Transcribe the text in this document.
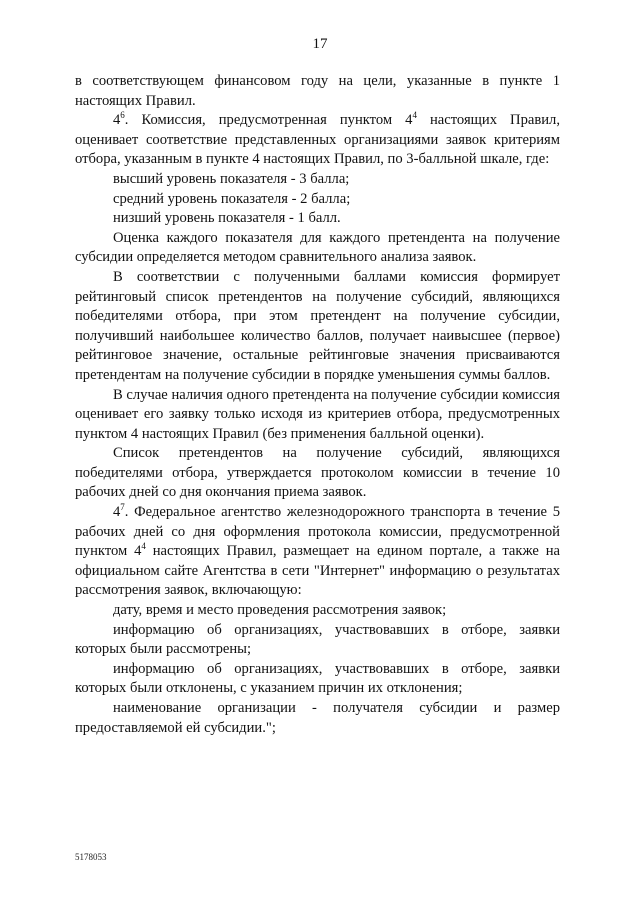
17

в соответствующем финансовом году на цели, указанные в пункте 1 настоящих Правил.

$4^6$. Комиссия, предусмотренная пунктом $4^4$ настоящих Правил, оценивает соответствие представленных организациями заявок критериям отбора, указанным в пункте 4 настоящих Правил, по 3-балльной шкале, где:

высший уровень показателя - 3 балла;

средний уровень показателя - 2 балла;

низший уровень показателя - 1 балл.

Оценка каждого показателя для каждого претендента на получение субсидии определяется методом сравнительного анализа заявок.

В соответствии с полученными баллами комиссия формирует рейтинговый список претендентов на получение субсидий, являющихся победителями отбора, при этом претендент на получение субсидии, получивший наибольшее количество баллов, получает наивысшее (первое) рейтинговое значение, остальные рейтинговые значения присваиваются претендентам на получение субсидии в порядке уменьшения суммы баллов.

В случае наличия одного претендента на получение субсидии комиссия оценивает его заявку только исходя из критериев отбора, предусмотренных пунктом 4 настоящих Правил (без применения балльной оценки).

Список претендентов на получение субсидий, являющихся победителями отбора, утверждается протоколом комиссии в течение 10 рабочих дней со дня окончания приема заявок.

$4^7$. Федеральное агентство железнодорожного транспорта в течение 5 рабочих дней со дня оформления протокола комиссии, предусмотренной пунктом $4^4$ настоящих Правил, размещает на едином портале, а также на официальном сайте Агентства в сети "Интернет" информацию о результатах рассмотрения заявок, включающую:

дату, время и место проведения рассмотрения заявок;

информацию об организациях, участвовавших в отборе, заявки которых были рассмотрены;

информацию об организациях, участвовавших в отборе, заявки которых были отклонены, с указанием причин их отклонения;

наименование организации - получателя субсидии и размер предоставляемой ей субсидии.";

5178053
